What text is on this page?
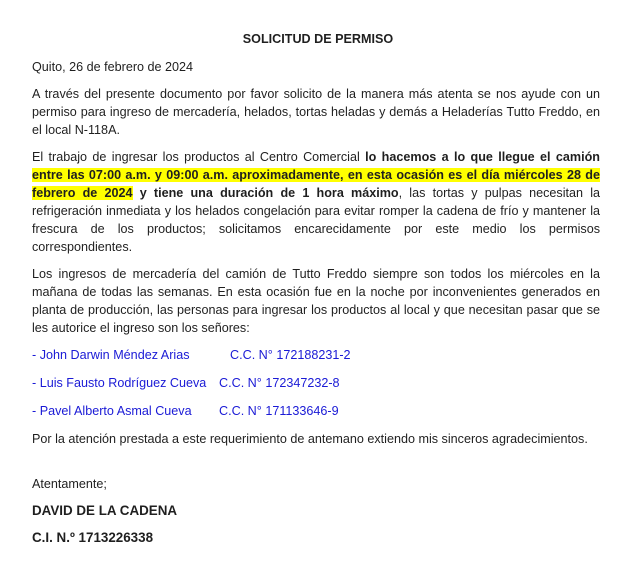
SOLICITUD DE PERMISO
Quito, 26 de febrero de 2024
A través del presente documento por favor solicito de la manera más atenta se nos ayude con un permiso para ingreso de mercadería, helados, tortas heladas y demás a Heladerías Tutto Freddo, en el local N-118A.
El trabajo de ingresar los productos al Centro Comercial lo hacemos a lo que llegue el camión entre las 07:00 a.m. y 09:00 a.m. aproximadamente, en esta ocasión es el día miércoles 28 de febrero de 2024 y tiene una duración de 1 hora máximo, las tortas y pulpas necesitan la refrigeración inmediata y los helados congelación para evitar romper la cadena de frío y mantener la frescura de los productos; solicitamos encarecidamente por este medio los permisos correspondientes.
Los ingresos de mercadería del camión de Tutto Freddo siempre son todos los miércoles en la mañana de todas las semanas. En esta ocasión fue en la noche por inconvenientes generados en planta de producción, las personas para ingresar los productos al local y que necesitan pasar que se les autorice el ingreso son los señores:
- John Darwin Méndez Arias	C.C. N° 172188231-2
- Luis Fausto Rodríguez Cueva C.C. N° 172347232-8
- Pavel Alberto Asmal Cueva C.C. N° 171133646-9
Por la atención prestada a este requerimiento de antemano extiendo mis sinceros agradecimientos.
Atentamente;
DAVID DE LA CADENA
C.I. N.º 1713226338
